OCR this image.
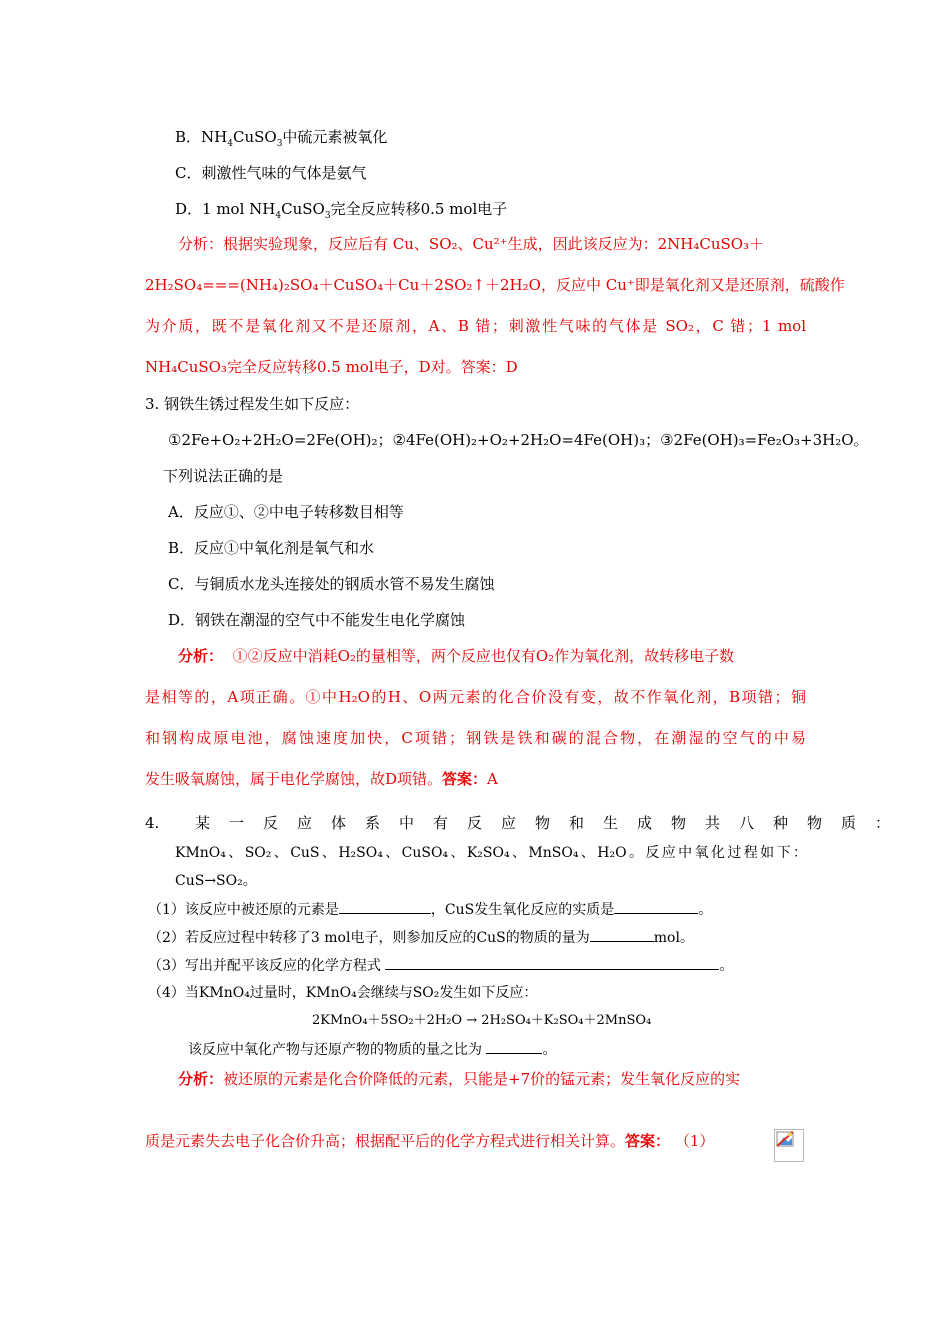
B．$NH_4CuSO_3$中硫元素被氧化
C．刺激性气味的气体是氨气
D．1 mol $NH_4CuSO_3$完全反应转移0.5 mol电子
分析：根据实验现象，反应后有 Cu、SO₂、Cu²⁺生成，因此该反应为：2NH₄CuSO₃＋
2H₂SO₄===(NH₄)₂SO₄＋CuSO₄＋Cu＋2SO₂↑＋2H₂O，反应中 Cu⁺即是氧化剂又是还原剂，硫酸作
为介质，既不是氧化剂又不是还原剂，A、B 错；刺激性气味的气体是 SO₂，C 错；1 mol
NH₄CuSO₃完全反应转移0.5 mol电子，D对。答案：D
3. 钢铁生锈过程发生如下反应：
①2Fe+O₂+2H₂O=2Fe(OH)₂；②4Fe(OH)₂+O₂+2H₂O=4Fe(OH)₃；③2Fe(OH)₃=Fe₂O₃+3H₂O。
下列说法正确的是
A．反应①、②中电子转移数目相等
B．反应①中氧化剂是氧气和水
C．与铜质水龙头连接处的钢质水管不易发生腐蚀
D．钢铁在潮湿的空气中不能发生电化学腐蚀
分析： ①②反应中消耗O₂的量相等，两个反应也仅有O₂作为氧化剂，故转移电子数
是相等的，A项正确。①中H₂O的H、O两元素的化合价没有变，故不作氧化剂，B项错；铜
和钢构成原电池，腐蚀速度加快，C项错；钢铁是铁和碳的混合物，在潮湿的空气的中易
发生吸氧腐蚀，属于电化学腐蚀，故D项错。答案：A
4. 某一反应体系中有反应物和生成物共八种物质：
KMnO₄、SO₂、CuS、H₂SO₄、CuSO₄、K₂SO₄、MnSO₄、H₂O。反应中氧化过程如下：
CuS→SO₂。
（1）该反应中被还原的元素是	，CuS发生氧化反应的实质是	。
（2）若反应过程中转移了3 mol电子，则参加反应的CuS的物质的量为	mol。
（3）写出并配平该反应的化学方程式	。
（4）当KMnO₄过量时，KMnO₄会继续与SO₂发生如下反应：
2KMnO₄＋5SO₂＋2H₂O → 2H₂SO₄＋K₂SO₄＋2MnSO₄
该反应中氧化产物与还原产物的物质的量之比为	。
分析：被还原的元素是化合价降低的元素，只能是+7价的锰元素；发生氧化反应的实
质是元素失去电子化合价升高；根据配平后的化学方程式进行相关计算。答案： （1）
